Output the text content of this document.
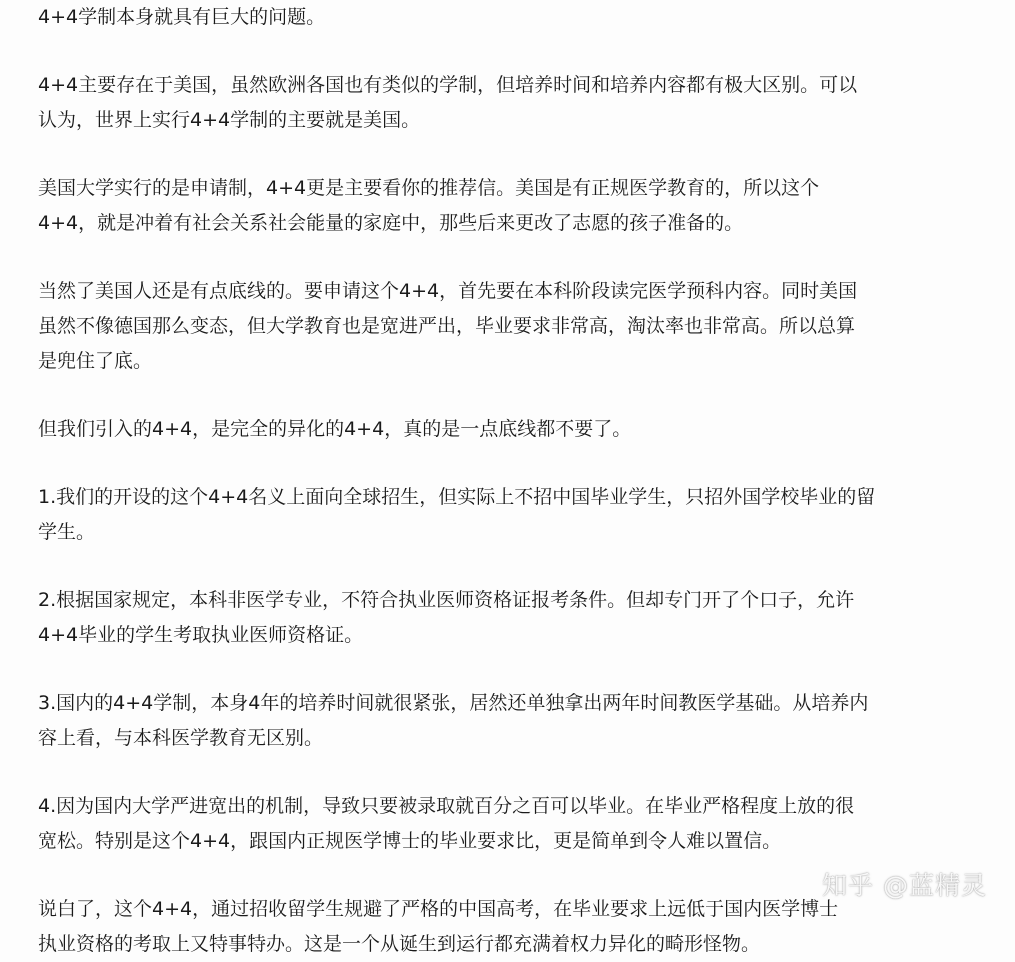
4+4学制本身就具有巨大的问题。

4+4主要存在于美国，虽然欧洲各国也有类似的学制，但培养时间和培养内容都有极大区别。可以
认为，世界上实行4+4学制的主要就是美国。

美国大学实行的是申请制，4+4更是主要看你的推荐信。美国是有正规医学教育的，所以这个
4+4，就是冲着有社会关系社会能量的家庭中，那些后来更改了志愿的孩子准备的。

当然了美国人还是有点底线的。要申请这个4+4，首先要在本科阶段读完医学预科内容。同时美国
虽然不像德国那么变态，但大学教育也是宽进严出，毕业要求非常高，淘汰率也非常高。所以总算
是兜住了底。

但我们引入的4+4，是完全的异化的4+4，真的是一点底线都不要了。

1.我们的开设的这个4+4名义上面向全球招生，但实际上不招中国毕业学生，只招外国学校毕业的留
学生。

2.根据国家规定，本科非医学专业，不符合执业医师资格证报考条件。但却专门开了个口子，允许
4+4毕业的学生考取执业医师资格证。

3.国内的4+4学制，本身4年的培养时间就很紧张，居然还单独拿出两年时间教医学基础。从培养内
容上看，与本科医学教育无区别。

4.因为国内大学严进宽出的机制，导致只要被录取就百分之百可以毕业。在毕业严格程度上放的很
宽松。特别是这个4+4，跟国内正规医学博士的毕业要求比，更是简单到令人难以置信。

说白了，这个4+4，通过招收留学生规避了严格的中国高考，在毕业要求上远低于国内医学博士
执业资格的考取上又特事特办。这是一个从诞生到运行都充满着权力异化的畸形怪物。

知乎 @蓝精灵
